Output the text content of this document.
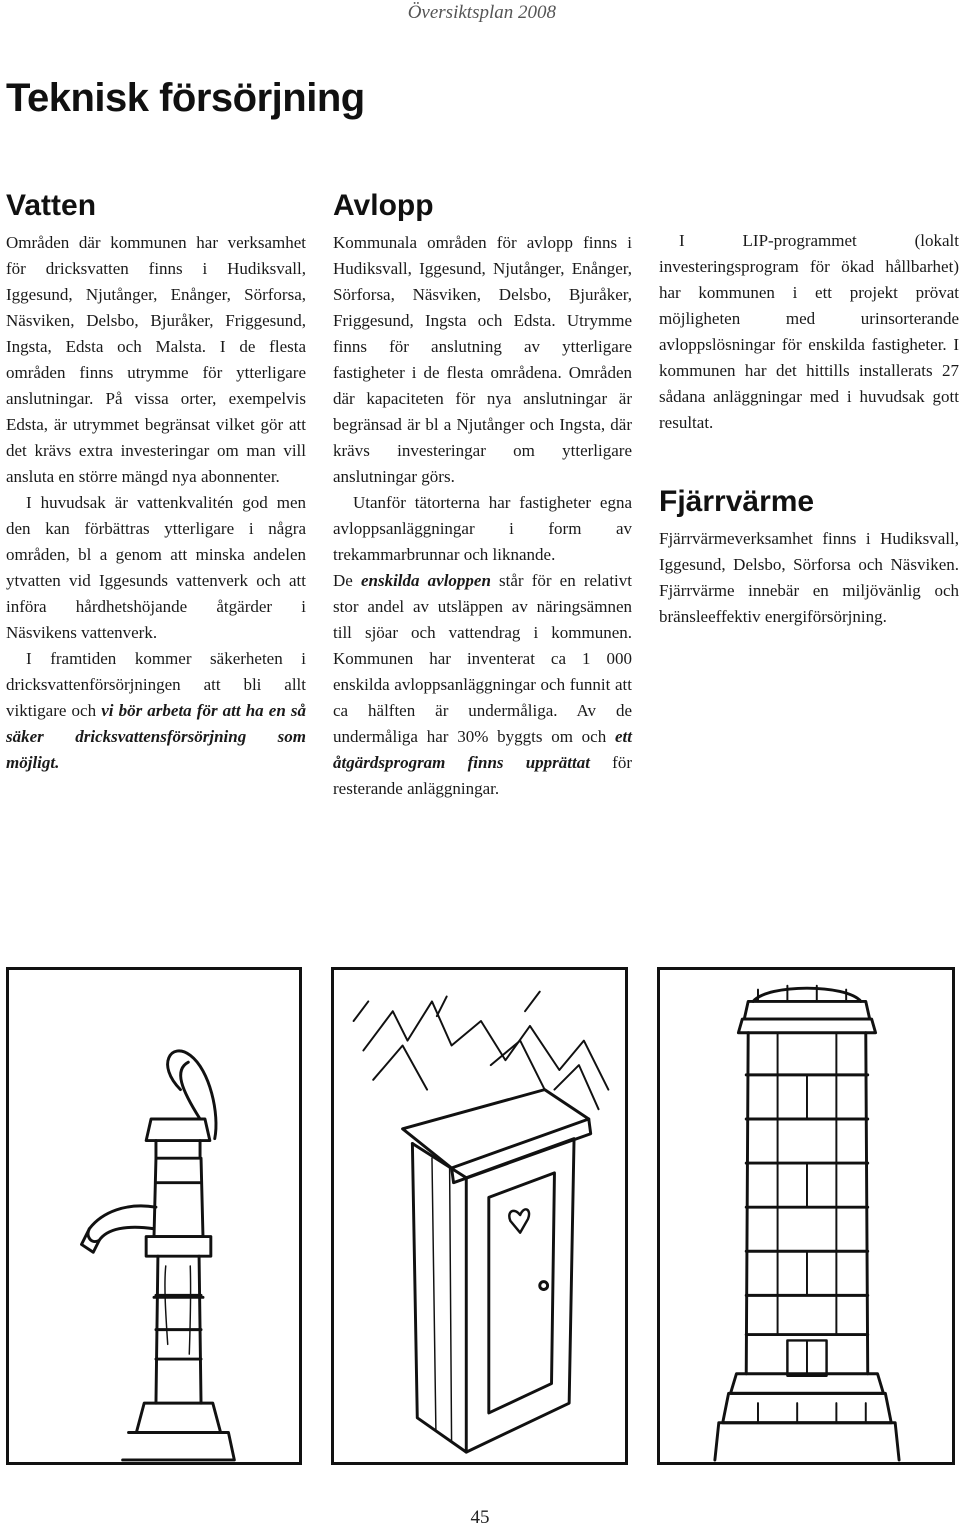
Översiktsplan 2008
Teknisk försörjning
Vatten

Områden där kommunen har verksamhet för dricksvatten finns i Hudiksvall, Iggesund, Njutånger, Enånger, Sörforsa, Näsviken, Delsbo, Bjuråker, Friggesund, Ingsta, Edsta och Malsta. I de flesta områden finns utrymme för ytterligare anslutningar. På vissa orter, exempelvis Edsta, är utrymmet begränsat vilket gör att det krävs extra investeringar om man vill ansluta en större mängd nya abonnenter.

I huvudsak är vattenkvalitén god men den kan förbättras ytterligare i några områden, bl a genom att minska andelen ytvatten vid Iggesunds vattenverk och att införa hårdhetshöjande åtgärder i Näsvikens vattenverk.

I framtiden kommer säkerheten i dricksvattenförsörjningen att bli allt viktigare och vi bör arbeta för att ha en så säker dricksvattensförsörjning som möjligt.

Avlopp

Kommunala områden för avlopp finns i Hudiksvall, Iggesund, Njutånger, Enånger, Sörforsa, Näsviken, Delsbo, Bjuråker, Friggesund, Ingsta och Edsta. Utrymme finns för anslutning av ytterligare fastigheter i de flesta områdena. Områden där kapaciteten för nya anslutningar är begränsad är bl a Njutånger och Ingsta, där krävs investeringar om ytterligare anslutningar görs.

Utanför tätorterna har fastigheter egna avloppsanläggningar i form av trekammarbrunnar och liknande.

De enskilda avloppen står för en relativt stor andel av utsläppen av näringsämnen till sjöar och vattendrag i kommunen. Kommunen har inventerat ca 1 000 enskilda avloppsanläggningar och funnit att ca hälften är undermåliga. Av de undermåliga har 30% byggts om och ett åtgärdsprogram finns upprättat för resterande anläggningar.

I LIP-programmet (lokalt investeringsprogram för ökad hållbarhet) har kommunen i ett projekt prövat möjligheten med urinsorterande avloppslösningar för enskilda fastigheter. I kommunen har det hittills installerats 27 sådana anläggningar med i huvudsak gott resultat.

Fjärrvärme

Fjärrvärmeverksamhet finns i Hudiksvall, Iggesund, Delsbo, Sörforsa och Näsviken. Fjärrvärme innebär en miljövänlig och bränsleeffektiv energiförsörjning.

45
